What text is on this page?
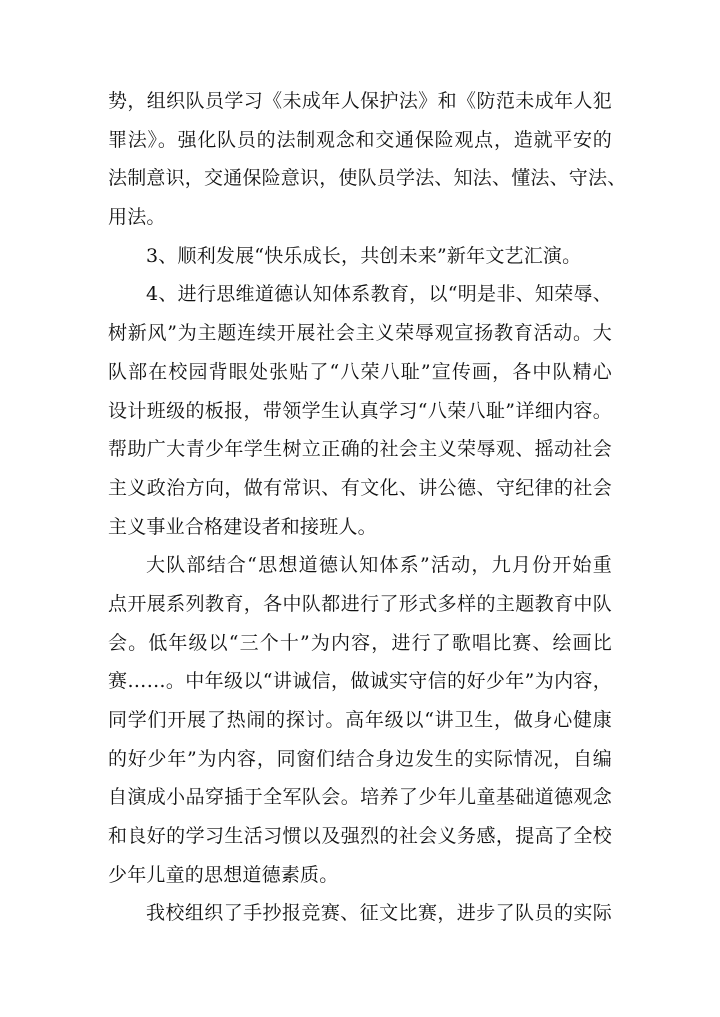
势，组织队员学习《未成年人保护法》和《防范未成年人犯
罪法》。强化队员的法制观念和交通保险观点，造就平安的
法制意识，交通保险意识，使队员学法、知法、懂法、守法、
用法。
3、顺利发展“快乐成长，共创未来”新年文艺汇演。
4、进行思维道德认知体系教育，以“明是非、知荣辱、
树新风”为主题连续开展社会主义荣辱观宣扬教育活动。大
队部在校园背眼处张贴了“八荣八耻”宣传画，各中队精心
设计班级的板报，带领学生认真学习“八荣八耻”详细内容。
帮助广大青少年学生树立正确的社会主义荣辱观、摇动社会
主义政治方向，做有常识、有文化、讲公德、守纪律的社会
主义事业合格建设者和接班人。
大队部结合“思想道德认知体系”活动，九月份开始重
点开展系列教育，各中队都进行了形式多样的主题教育中队
会。低年级以“三个十”为内容，进行了歌唱比赛、绘画比
赛……。中年级以“讲诚信，做诚实守信的好少年”为内容，
同学们开展了热闹的探讨。高年级以“讲卫生，做身心健康
的好少年”为内容，同窗们结合身边发生的实际情况，自编
自演成小品穿插于全军队会。培养了少年儿童基础道德观念
和良好的学习生活习惯以及强烈的社会义务感，提高了全校
少年儿童的思想道德素质。
我校组织了手抄报竞赛、征文比赛，进步了队员的实际
